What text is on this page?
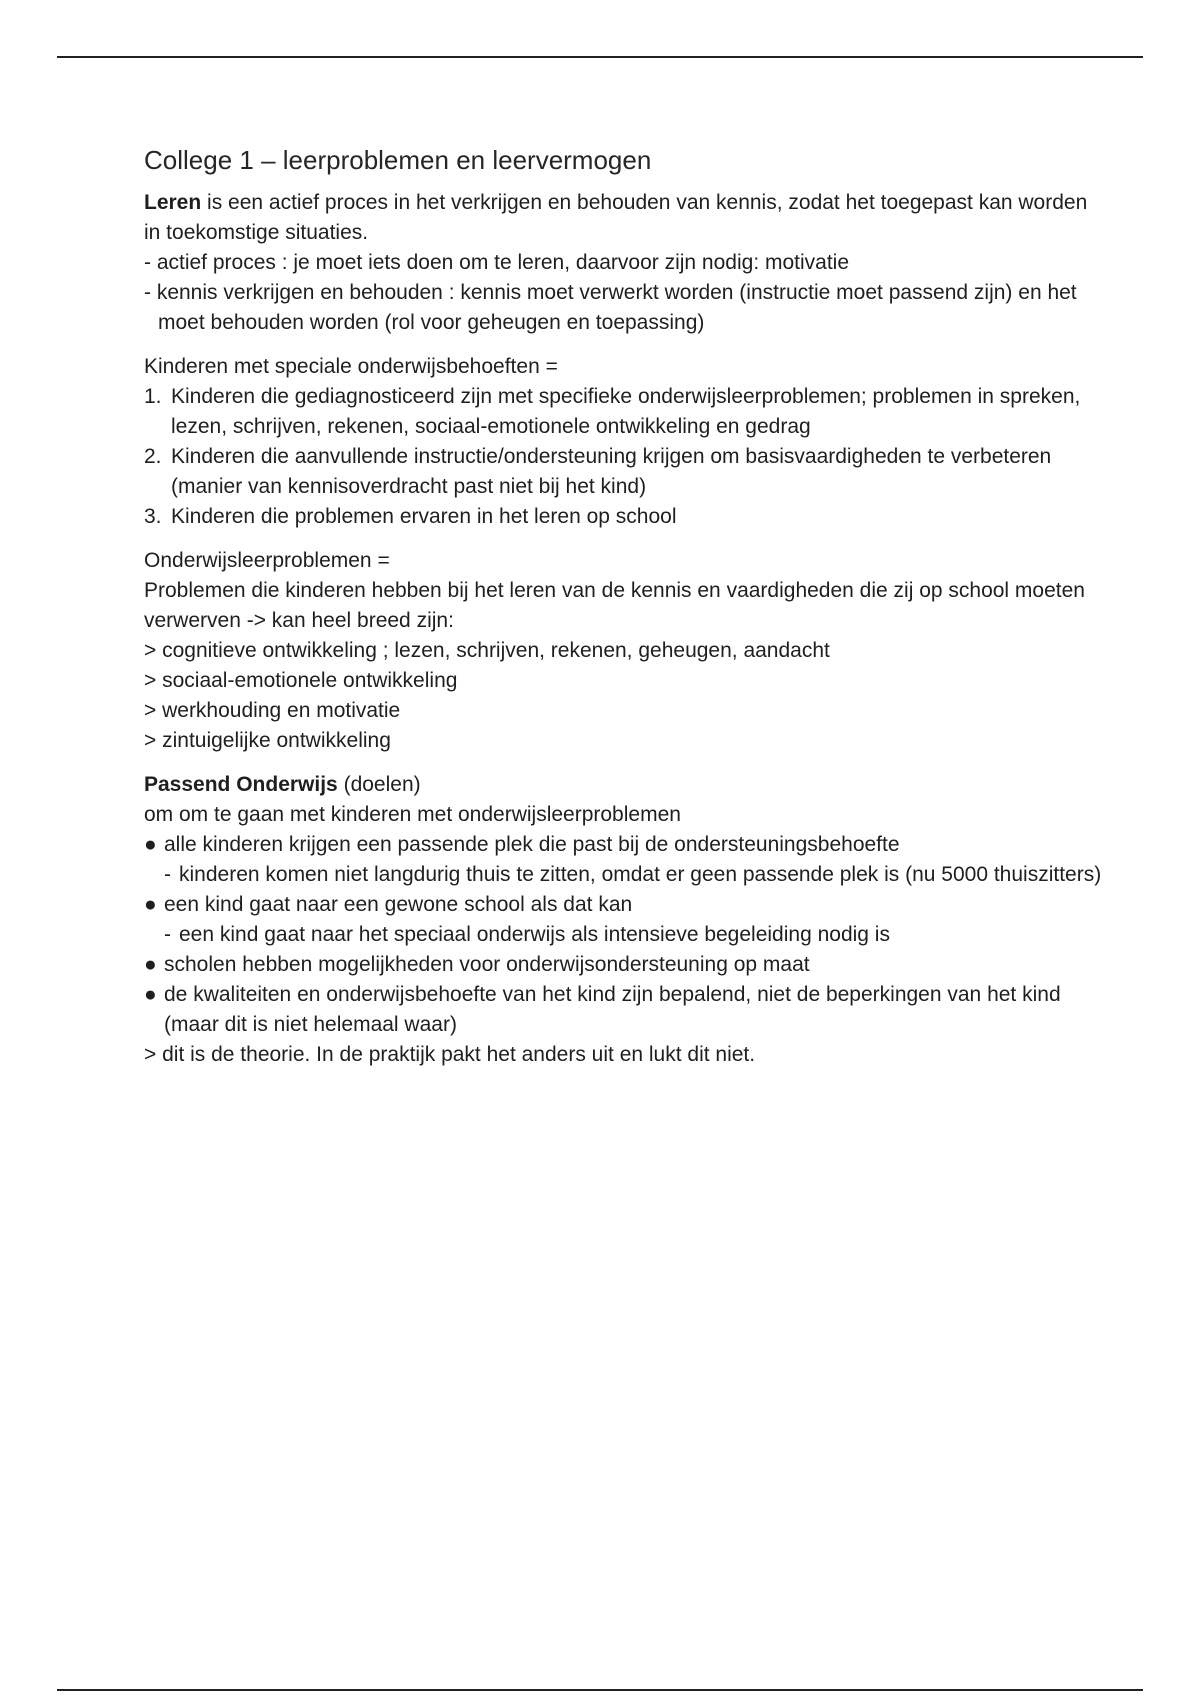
College 1 – leerproblemen en leervermogen

Leren is een actief proces in het verkrijgen en behouden van kennis, zodat het toegepast kan worden in toekomstige situaties.

- actief proces : je moet iets doen om te leren, daarvoor zijn nodig: motivatie

- kennis verkrijgen en behouden : kennis moet verwerkt worden (instructie moet passend zijn) en het moet behouden worden (rol voor geheugen en toepassing)

Kinderen met speciale onderwijsbehoeften =

1. Kinderen die gediagnosticeerd zijn met specifieke onderwijsleerproblemen; problemen in spreken, lezen, schrijven, rekenen, sociaal-emotionele ontwikkeling en gedrag
2. Kinderen die aanvullende instructie/ondersteuning krijgen om basisvaardigheden te verbeteren (manier van kennisoverdracht past niet bij het kind)
3. Kinderen die problemen ervaren in het leren op school

Onderwijsleerproblemen =

Problemen die kinderen hebben bij het leren van de kennis en vaardigheden die zij op school moeten verwerven -> kan heel breed zijn:

> cognitieve ontwikkeling ; lezen, schrijven, rekenen, geheugen, aandacht

> sociaal-emotionele ontwikkeling

> werkhouding en motivatie

> zintuigelijke ontwikkeling

Passend Onderwijs (doelen)

om om te gaan met kinderen met onderwijsleerproblemen

● alle kinderen krijgen een passende plek die past bij de ondersteuningsbehoefte
- kinderen komen niet langdurig thuis te zitten, omdat er geen passende plek is (nu 5000 thuiszitters)
● een kind gaat naar een gewone school als dat kan
- een kind gaat naar het speciaal onderwijs als intensieve begeleiding nodig is
● scholen hebben mogelijkheden voor onderwijsondersteuning op maat
● de kwaliteiten en onderwijsbehoefte van het kind zijn bepalend, niet de beperkingen van het kind (maar dit is niet helemaal waar)

> dit is de theorie. In de praktijk pakt het anders uit en lukt dit niet.
